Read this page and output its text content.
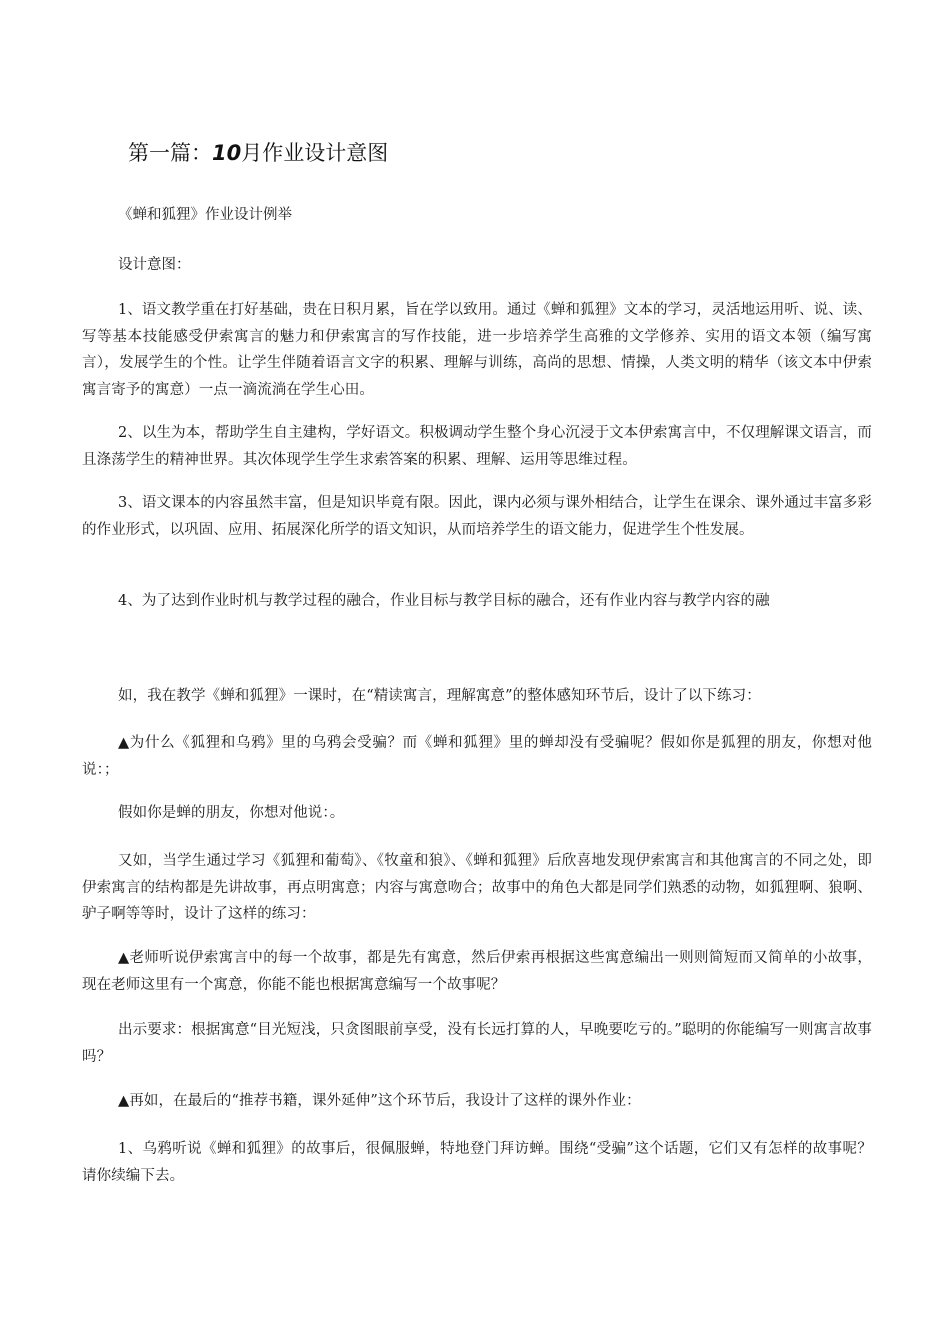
第一篇：10月作业设计意图
《蝉和狐狸》作业设计例举
设计意图：

1、语文教学重在打好基础，贵在日积月累，旨在学以致用。通过《蝉和狐狸》文本的学习，灵活地运用听、说、读、写等基本技能感受伊索寓言的魅力和伊索寓言的写作技能，进一步培养学生高雅的文学修养、实用的语文本领（编写寓言），发展学生的个性。让学生伴随着语言文字的积累、理解与训练，高尚的思想、情操，人类文明的精华（该文本中伊索寓言寄予的寓意）一点一滴流淌在学生心田。

2、以生为本，帮助学生自主建构，学好语文。积极调动学生整个身心沉浸于文本伊索寓言中，不仅理解课文语言，而且涤荡学生的精神世界。其次体现学生学生求索答案的积累、理解、运用等思维过程。

3、语文课本的内容虽然丰富，但是知识毕竟有限。因此，课内必须与课外相结合，让学生在课余、课外通过丰富多彩的作业形式，以巩固、应用、拓展深化所学的语文知识，从而培养学生的语文能力，促进学生个性发展。

4、为了达到作业时机与教学过程的融合，作业目标与教学目标的融合，还有作业内容与教学内容的融

如，我在教学《蝉和狐狸》一课时，在“精读寓言，理解寓意”的整体感知环节后，设计了以下练习：

▲为什么《狐狸和乌鸦》里的乌鸦会受骗？而《蝉和狐狸》里的蝉却没有受骗呢？假如你是狐狸的朋友，你想对他说：；

假如你是蝉的朋友，你想对他说：。

又如，当学生通过学习《狐狸和葡萄》、《牧童和狼》、《蝉和狐狸》后欣喜地发现伊索寓言和其他寓言的不同之处，即伊索寓言的结构都是先讲故事，再点明寓意；内容与寓意吻合；故事中的角色大都是同学们熟悉的动物，如狐狸啊、狼啊、驴子啊等等时，设计了这样的练习：

▲老师听说伊索寓言中的每一个故事，都是先有寓意，然后伊索再根据这些寓意编出一则则简短而又简单的小故事，现在老师这里有一个寓意，你能不能也根据寓意编写一个故事呢？

出示要求：根据寓意“目光短浅，只贪图眼前享受，没有长远打算的人，早晚要吃亏的。”聪明的你能编写一则寓言故事吗？

▲再如，在最后的“推荐书籍，课外延伸”这个环节后，我设计了这样的课外作业：

1、乌鸦听说《蝉和狐狸》的故事后，很佩服蝉，特地登门拜访蝉。围绕“受骗”这个话题，它们又有怎样的故事呢？请你续编下去。
